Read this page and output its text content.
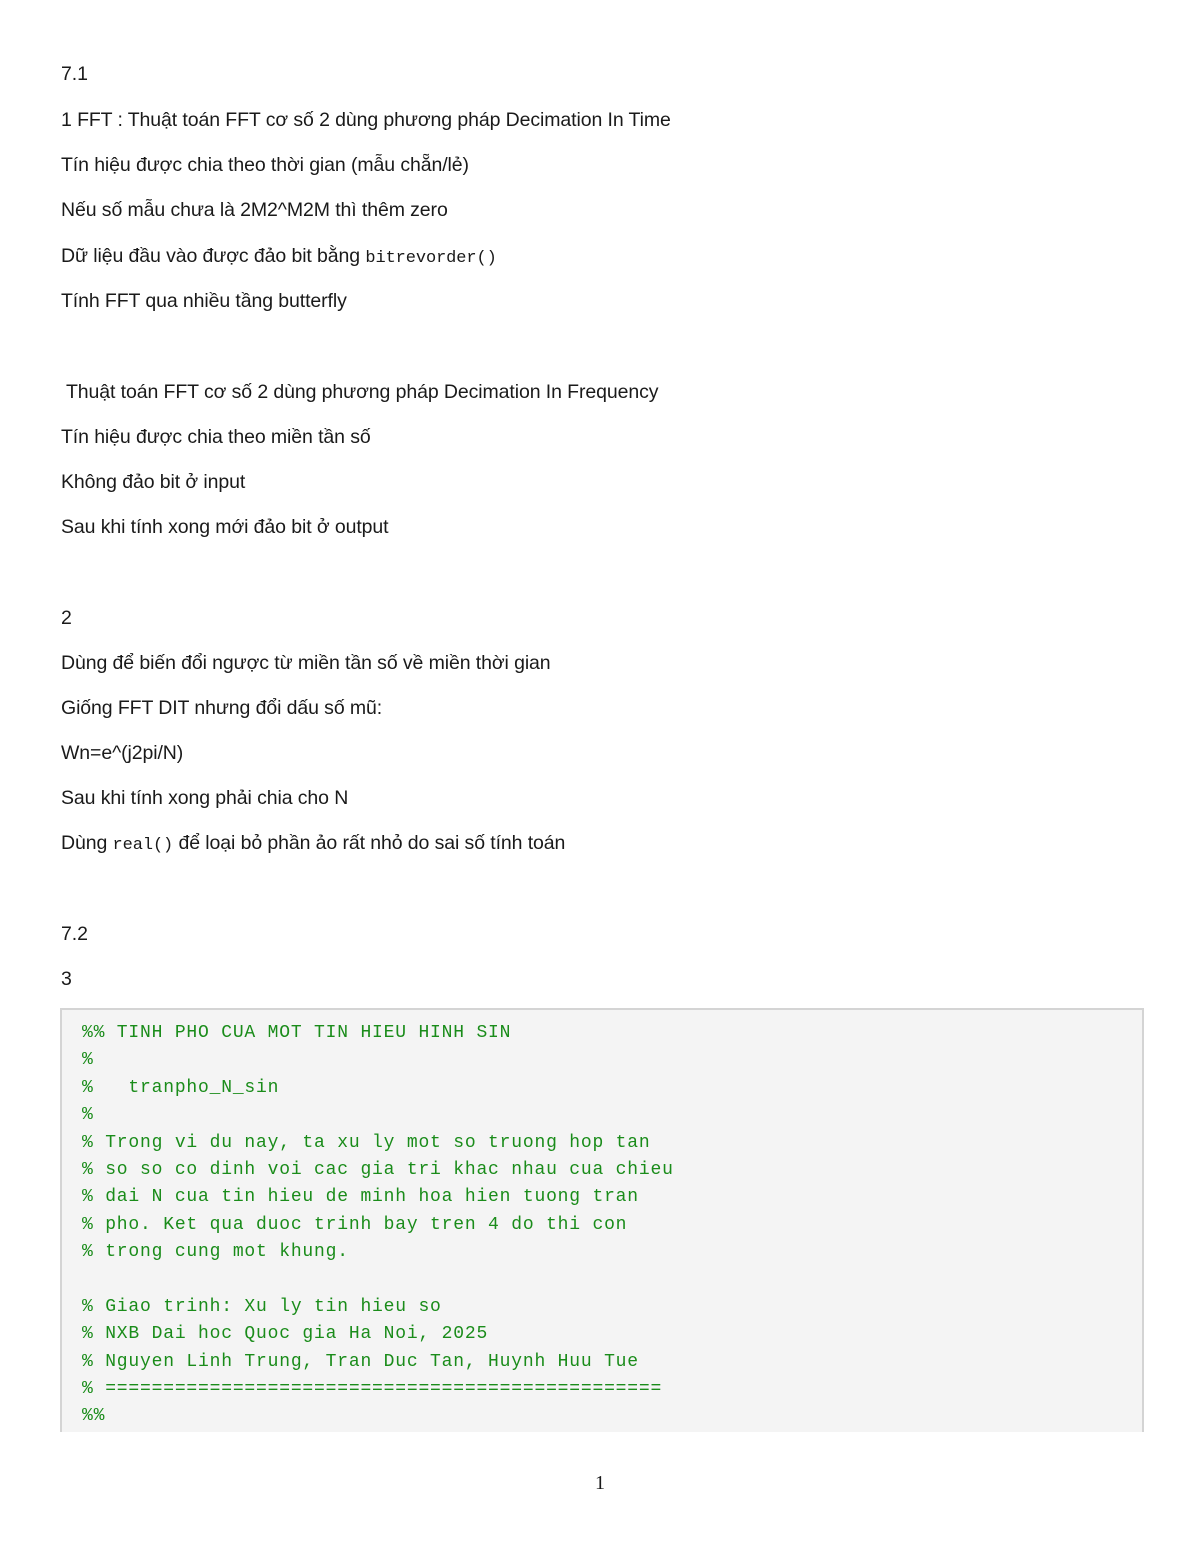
7.1
1 FFT : Thuật toán FFT cơ số 2 dùng phương pháp Decimation In Time
Tín hiệu được chia theo thời gian (mẫu chẵn/lẻ)
Nếu số mẫu chưa là 2M2^M2M thì thêm zero
Dữ liệu đầu vào được đảo bit bằng bitrevorder()
Tính FFT qua nhiều tầng butterfly
Thuật toán FFT cơ số 2 dùng phương pháp Decimation In Frequency
Tín hiệu được chia theo miền tần số
Không đảo bit ở input
Sau khi tính xong mới đảo bit ở output
2
Dùng để biến đổi ngược từ miền tần số về miền thời gian
Giống FFT DIT nhưng đổi dấu số mũ:
Wn=e^(j2pi/N)
Sau khi tính xong phải chia cho N
Dùng real() để loại bỏ phần ảo rất nhỏ do sai số tính toán
7.2
3
%% TINH PHO CUA MOT TIN HIEU HINH SIN
%
%   tranpho_N_sin
%
% Trong vi du nay, ta xu ly mot so truong hop tan
% so so co dinh voi cac gia tri khac nhau cua chieu
% dai N cua tin hieu de minh hoa hien tuong tran
% pho. Ket qua duoc trinh bay tren 4 do thi con
% trong cung mot khung.
% Giao trinh: Xu ly tin hieu so
% NXB Dai hoc Quoc gia Ha Noi, 2025
% Nguyen Linh Trung, Tran Duc Tan, Huynh Huu Tue
% ================================================
%%
1
